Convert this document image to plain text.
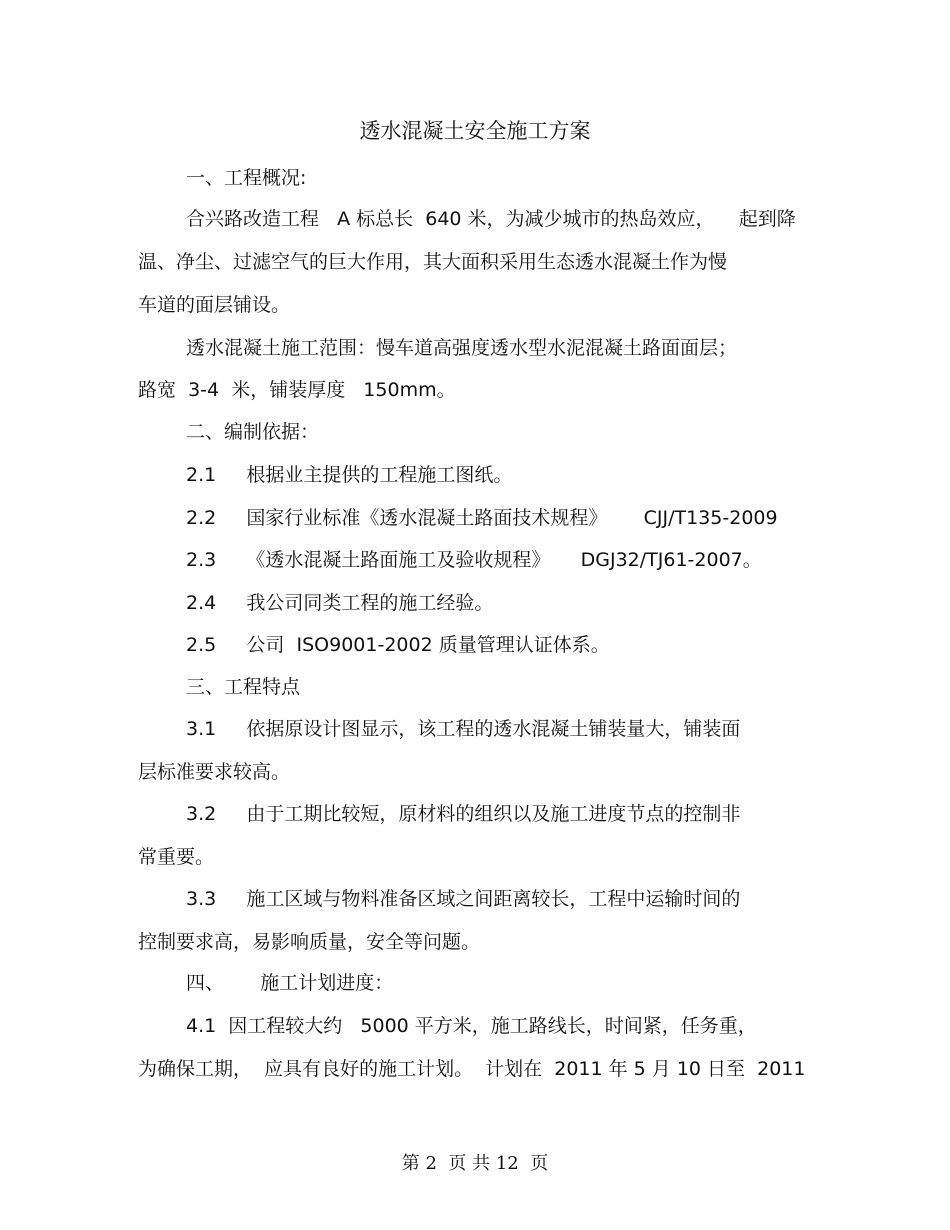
透水混凝土安全施工方案
一、工程概况:
合兴路改造工程   A 标总长  640 米，为减少城市的热岛效应，    起到降
温、净尘、过滤空气的巨大作用，其大面积采用生态透水混凝土作为慢
车道的面层铺设。
透水混凝土施工范围：慢车道高强度透水型水泥混凝土路面面层；
路宽  3-4  米，铺装厚度   150mm。
二、编制依据：
2.1     根据业主提供的工程施工图纸。
2.2     国家行业标准《透水混凝土路面技术规程》      CJJ/T135-2009
2.3     《透水混凝土路面施工及验收规程》     DGJ32/TJ61-2007。
2.4     我公司同类工程的施工经验。
2.5     公司  ISO9001-2002 质量管理认证体系。
三、工程特点
3.1     依据原设计图显示，该工程的透水混凝土铺装量大，铺装面
层标准要求较高。
3.2     由于工期比较短，原材料的组织以及施工进度节点的控制非
常重要。
3.3     施工区域与物料准备区域之间距离较长，工程中运输时间的
控制要求高，易影响质量，安全等问题。
四、      施工计划进度：
4.1  因工程较大约   5000 平方米，施工路线长，时间紧，任务重，
为确保工期，  应具有良好的施工计划。  计划在  2011 年 5 月 10 日至  2011
第 2  页 共 12  页
